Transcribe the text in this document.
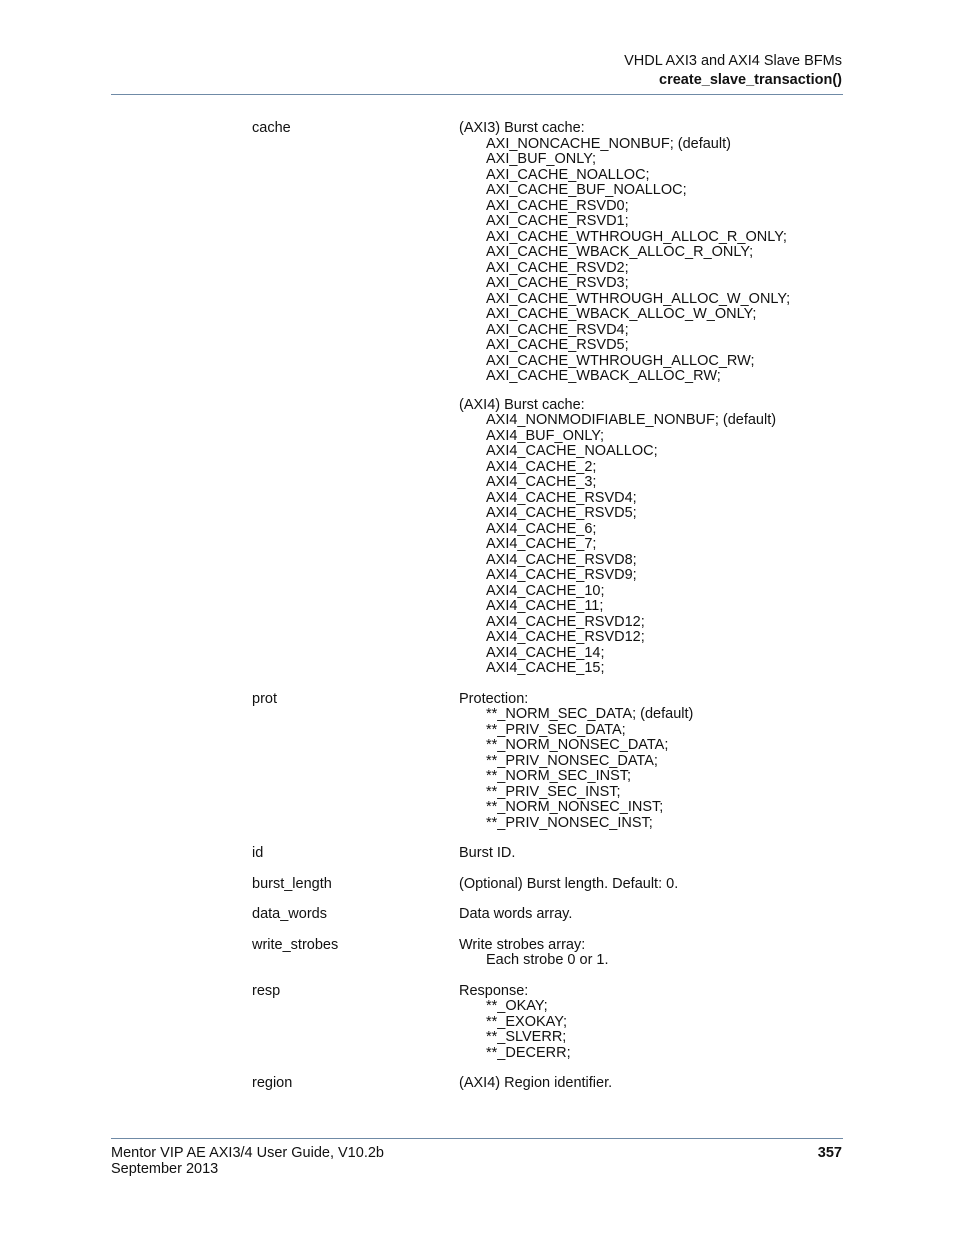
VHDL AXI3 and AXI4 Slave BFMs
create_slave_transaction()
cache	(AXI3) Burst cache:
AXI_NONCACHE_NONBUF; (default)
AXI_BUF_ONLY;
AXI_CACHE_NOALLOC;
AXI_CACHE_BUF_NOALLOC;
AXI_CACHE_RSVD0;
AXI_CACHE_RSVD1;
AXI_CACHE_WTHROUGH_ALLOC_R_ONLY;
AXI_CACHE_WBACK_ALLOC_R_ONLY;
AXI_CACHE_RSVD2;
AXI_CACHE_RSVD3;
AXI_CACHE_WTHROUGH_ALLOC_W_ONLY;
AXI_CACHE_WBACK_ALLOC_W_ONLY;
AXI_CACHE_RSVD4;
AXI_CACHE_RSVD5;
AXI_CACHE_WTHROUGH_ALLOC_RW;
AXI_CACHE_WBACK_ALLOC_RW;
(AXI4) Burst cache:
AXI4_NONMODIFIABLE_NONBUF; (default)
AXI4_BUF_ONLY;
AXI4_CACHE_NOALLOC;
AXI4_CACHE_2;
AXI4_CACHE_3;
AXI4_CACHE_RSVD4;
AXI4_CACHE_RSVD5;
AXI4_CACHE_6;
AXI4_CACHE_7;
AXI4_CACHE_RSVD8;
AXI4_CACHE_RSVD9;
AXI4_CACHE_10;
AXI4_CACHE_11;
AXI4_CACHE_RSVD12;
AXI4_CACHE_RSVD12;
AXI4_CACHE_14;
AXI4_CACHE_15;
prot	Protection:
**_NORM_SEC_DATA; (default)
**_PRIV_SEC_DATA;
**_NORM_NONSEC_DATA;
**_PRIV_NONSEC_DATA;
**_NORM_SEC_INST;
**_PRIV_SEC_INST;
**_NORM_NONSEC_INST;
**_PRIV_NONSEC_INST;
id	Burst ID.
burst_length	(Optional) Burst length. Default: 0.
data_words	Data words array.
write_strobes	Write strobes array:
Each strobe 0 or 1.
resp	Response:
**_OKAY;
**_EXOKAY;
**_SLVERR;
**_DECERR;
region	(AXI4) Region identifier.
Mentor VIP AE AXI3/4 User Guide, V10.2b
September 2013
357
